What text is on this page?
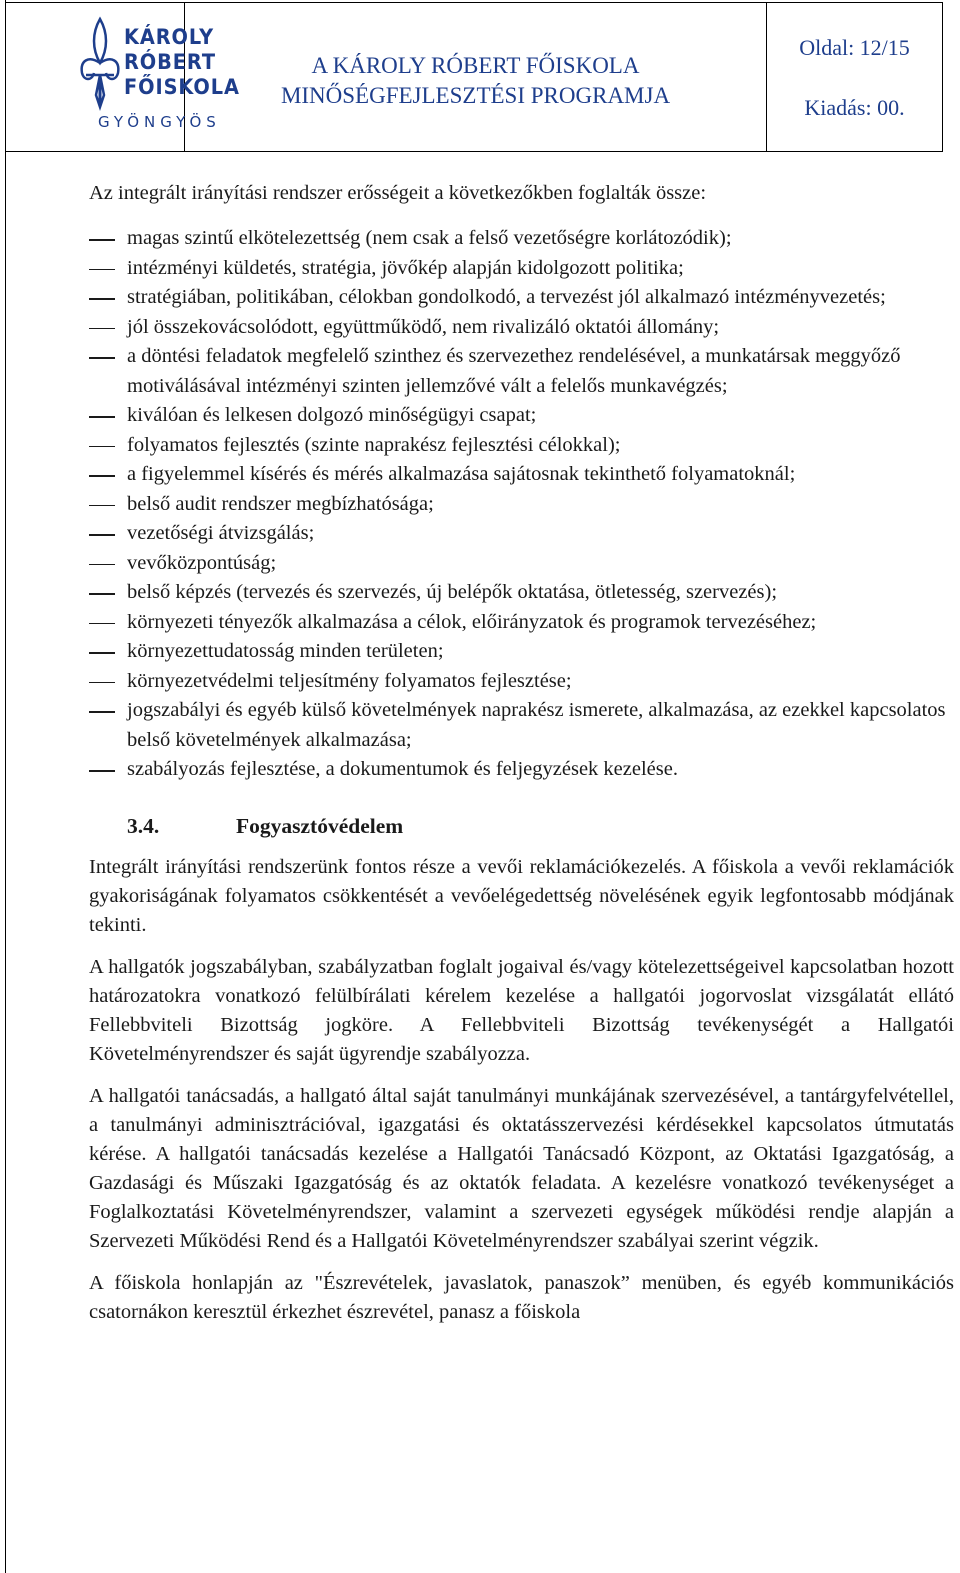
KÁROLY
RÓBERT
FŐISKOLA
GYÖNGYÖS
A KÁROLY RÓBERT FŐISKOLA
MINŐSÉGFEJLESZTÉSI PROGRAMJA
Oldal: 12/15
Kiadás: 00.

Az integrált irányítási rendszer erősségeit a következőkben foglalták össze:

magas szintű elkötelezettség (nem csak a felső vezetőségre korlátozódik);
intézményi küldetés, stratégia, jövőkép alapján kidolgozott politika;
stratégiában, politikában, célokban gondolkodó, a tervezést jól alkalmazó intézményvezetés;
jól összekovácsolódott, együttműködő, nem rivalizáló oktatói állomány;
a döntési feladatok megfelelő szinthez és szervezethez rendelésével, a munkatársak meggyőző motiválásával intézményi szinten jellemzővé vált a felelős munkavégzés;
kiválóan és lelkesen dolgozó minőségügyi csapat;
folyamatos fejlesztés (szinte naprakész fejlesztési célokkal);
a figyelemmel kísérés és mérés alkalmazása sajátosnak tekinthető folyamatoknál;
belső audit rendszer megbízhatósága;
vezetőségi átvizsgálás;
vevőközpontúság;
belső képzés (tervezés és szervezés, új belépők oktatása, ötletesség, szervezés);
környezeti tényezők alkalmazása a célok, előirányzatok és programok tervezéséhez;
környezettudatosság minden területen;
környezetvédelmi teljesítmény folyamatos fejlesztése;
jogszabályi és egyéb külső követelmények naprakész ismerete, alkalmazása, az ezekkel kapcsolatos belső követelmények alkalmazása;
szabályozás fejlesztése, a dokumentumok és feljegyzések kezelése.
3.4.	Fogyasztóvédelem

Integrált irányítási rendszerünk fontos része a vevői reklamációkezelés. A főiskola a vevői reklamációk gyakoriságának folyamatos csökkentését a vevőelégedettség növelésének egyik legfontosabb módjának tekinti.

A hallgatók jogszabályban, szabályzatban foglalt jogaival és/vagy kötelezettségeivel kapcsolatban hozott határozatokra vonatkozó felülbírálati kérelem kezelése a hallgatói jogorvoslat vizsgálatát ellátó Fellebbviteli Bizottság jogköre. A Fellebbviteli Bizottság tevékenységét a Hallgatói Követelményrendszer és saját ügyrendje szabályozza.

A hallgatói tanácsadás, a hallgató által saját tanulmányi munkájának szervezésével, a tantárgyfelvétellel, a tanulmányi adminisztrációval, igazgatási és oktatásszervezési kérdésekkel kapcsolatos útmutatás kérése. A hallgatói tanácsadás kezelése a Hallgatói Tanácsadó Központ, az Oktatási Igazgatóság, a Gazdasági és Műszaki Igazgatóság és az oktatók feladata. A kezelésre vonatkozó tevékenységet a Foglalkoztatási Követelményrendszer, valamint a szervezeti egységek működési rendje alapján a Szervezeti Működési Rend és a Hallgatói Követelményrendszer szabályai szerint végzik.

A főiskola honlapján az "Észrevételek, javaslatok, panaszok” menüben, és egyéb kommunikációs csatornákon keresztül érkezhet észrevétel, panasz a főiskola
